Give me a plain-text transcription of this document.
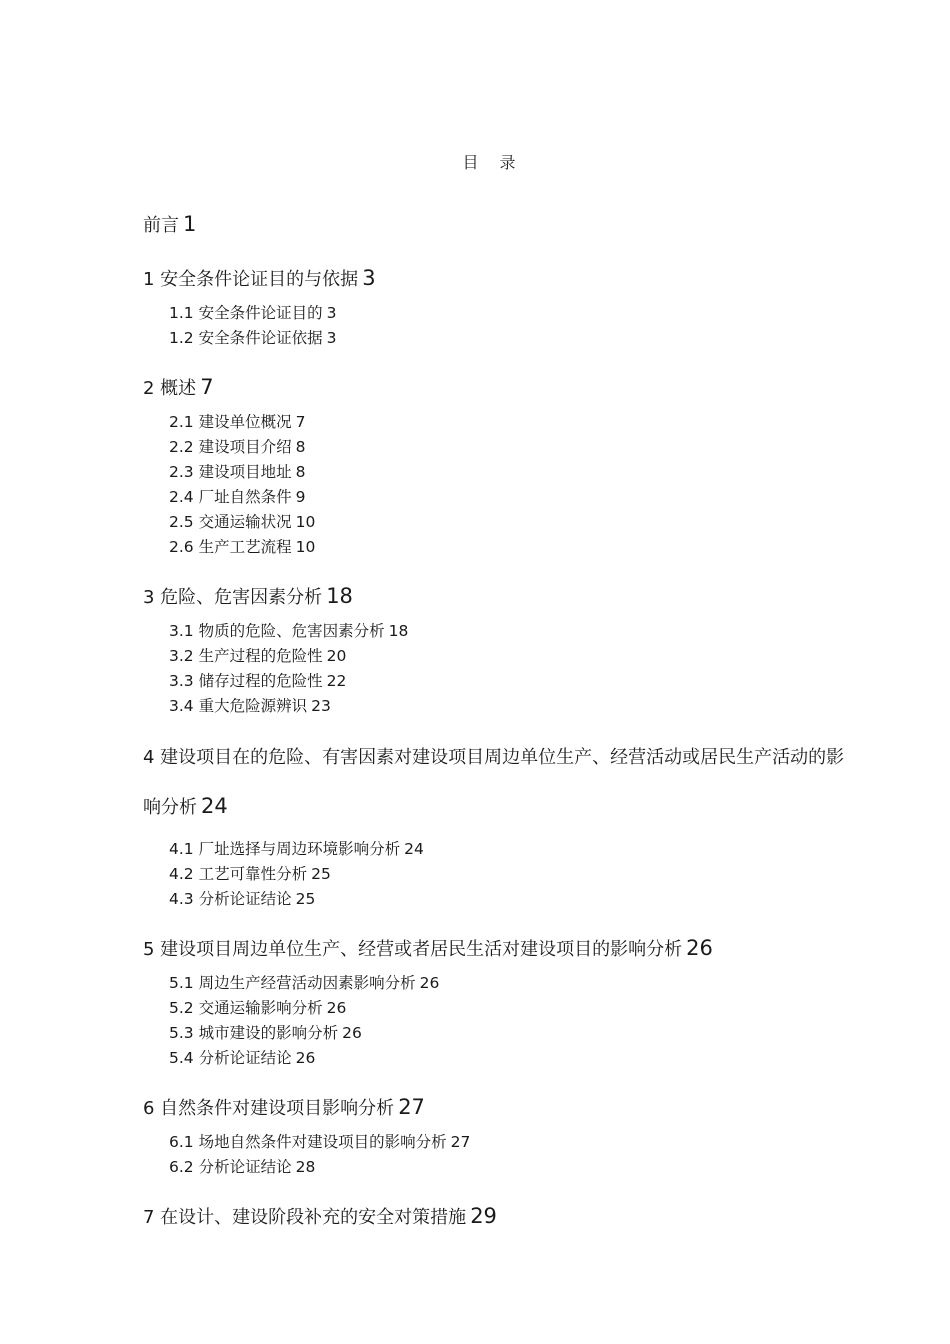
目 录
前言 1
1 安全条件论证目的与依据 3
1.1 安全条件论证目的 3
1.2 安全条件论证依据 3
2 概述 7
2.1 建设单位概况 7
2.2 建设项目介绍 8
2.3 建设项目地址 8
2.4 厂址自然条件 9
2.5 交通运输状况 10
2.6 生产工艺流程 10
3 危险、危害因素分析 18
3.1 物质的危险、危害因素分析 18
3.2 生产过程的危险性 20
3.3 储存过程的危险性 22
3.4 重大危险源辨识 23
4 建设项目在的危险、有害因素对建设项目周边单位生产、经营活动或居民生产活动的影响分析 24
4.1 厂址选择与周边环境影响分析 24
4.2 工艺可靠性分析 25
4.3 分析论证结论 25
5 建设项目周边单位生产、经营或者居民生活对建设项目的影响分析 26
5.1 周边生产经营活动因素影响分析 26
5.2 交通运输影响分析 26
5.3 城市建设的影响分析 26
5.4 分析论证结论 26
6 自然条件对建设项目影响分析 27
6.1 场地自然条件对建设项目的影响分析 27
6.2 分析论证结论 28
7 在设计、建设阶段补充的安全对策措施 29
